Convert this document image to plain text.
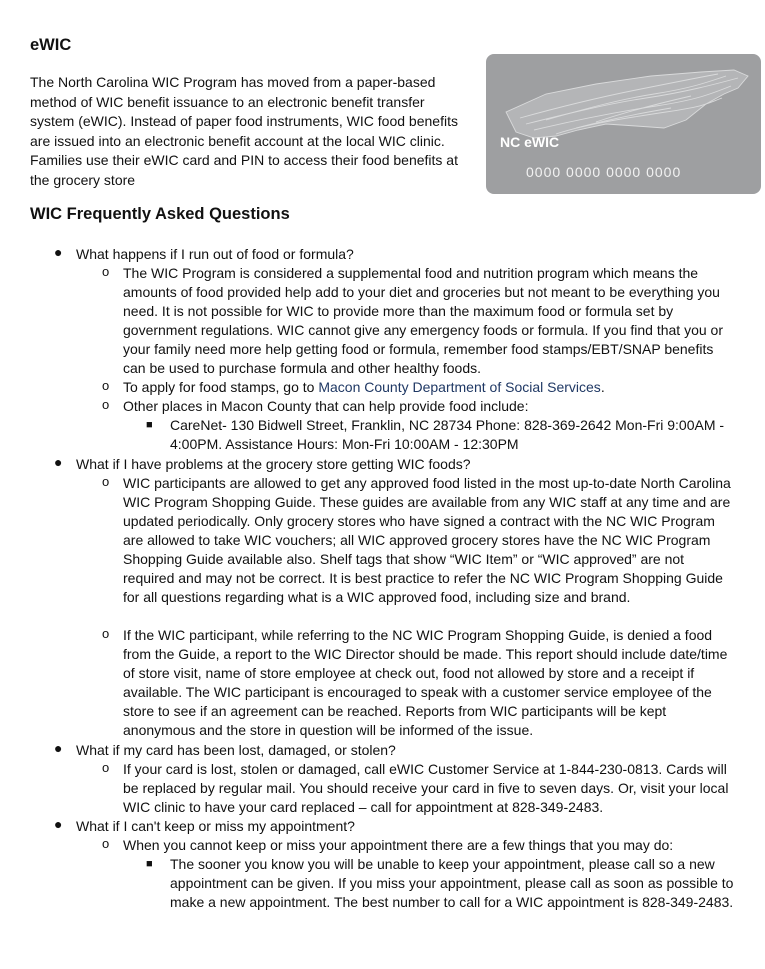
eWIC

The North Carolina WIC Program has moved from a paper-based method of WIC benefit issuance to an electronic benefit transfer system (eWIC). Instead of paper food instruments, WIC food benefits are issued into an electronic benefit account at the local WIC clinic. Families use their eWIC card and PIN to access their food benefits at the grocery store

NC eWIC
0000 0000 0000 0000
WIC Frequently Asked Questions
● What happens if I run out of food or formula?

o The WIC Program is considered a supplemental food and nutrition program which means the amounts of food provided help add to your diet and groceries but not meant to be everything you need. It is not possible for WIC to provide more than the maximum food or formula set by government regulations. WIC cannot give any emergency foods or formula. If you find that you or your family need more help getting food or formula, remember food stamps/EBT/SNAP benefits can be used to purchase formula and other healthy foods.

o To apply for food stamps, go to Macon County Department of Social Services.

o Other places in Macon County that can help provide food include:

■ CareNet- 130 Bidwell Street, Franklin, NC 28734 Phone: 828-369-2642 Mon-Fri 9:00AM - 4:00PM. Assistance Hours: Mon-Fri 10:00AM - 12:30PM

● What if I have problems at the grocery store getting WIC foods?

o WIC participants are allowed to get any approved food listed in the most up-to-date North Carolina WIC Program Shopping Guide. These guides are available from any WIC staff at any time and are updated periodically. Only grocery stores who have signed a contract with the NC WIC Program are allowed to take WIC vouchers; all WIC approved grocery stores have the NC WIC Program Shopping Guide available also. Shelf tags that show “WIC Item” or “WIC approved” are not required and may not be correct. It is best practice to refer the NC WIC Program Shopping Guide for all questions regarding what is a WIC approved food, including size and brand.

o If the WIC participant, while referring to the NC WIC Program Shopping Guide, is denied a food from the Guide, a report to the WIC Director should be made. This report should include date/time of store visit, name of store employee at check out, food not allowed by store and a receipt if available. The WIC participant is encouraged to speak with a customer service employee of the store to see if an agreement can be reached. Reports from WIC participants will be kept anonymous and the store in question will be informed of the issue.

● What if my card has been lost, damaged, or stolen?

o If your card is lost, stolen or damaged, call eWIC Customer Service at 1-844-230-0813. Cards will be replaced by regular mail. You should receive your card in five to seven days. Or, visit your local WIC clinic to have your card replaced – call for appointment at 828-349-2483.

● What if I can't keep or miss my appointment?

o When you cannot keep or miss your appointment there are a few things that you may do:

■ The sooner you know you will be unable to keep your appointment, please call so a new appointment can be given. If you miss your appointment, please call as soon as possible to make a new appointment. The best number to call for a WIC appointment is 828-349-2483.
